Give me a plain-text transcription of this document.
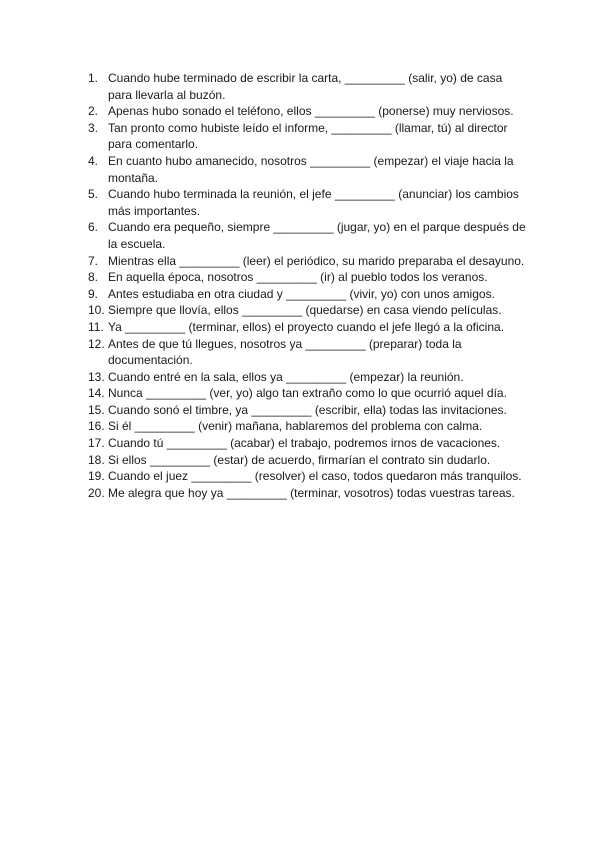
1. Cuando hube terminado de escribir la carta, _________ (salir, yo) de casa para llevarla al buzón.
2. Apenas hubo sonado el teléfono, ellos _________ (ponerse) muy nerviosos.
3. Tan pronto como hubiste leído el informe, _________ (llamar, tú) al director para comentarlo.
4. En cuanto hubo amanecido, nosotros _________ (empezar) el viaje hacia la montaña.
5. Cuando hubo terminada la reunión, el jefe _________ (anunciar) los cambios más importantes.
6. Cuando era pequeño, siempre _________ (jugar, yo) en el parque después de la escuela.
7. Mientras ella _________ (leer) el periódico, su marido preparaba el desayuno.
8. En aquella época, nosotros _________ (ir) al pueblo todos los veranos.
9. Antes estudiaba en otra ciudad y _________ (vivir, yo) con unos amigos.
10. Siempre que llovía, ellos _________ (quedarse) en casa viendo películas.
11. Ya _________ (terminar, ellos) el proyecto cuando el jefe llegó a la oficina.
12. Antes de que tú llegues, nosotros ya _________ (preparar) toda la documentación.
13. Cuando entré en la sala, ellos ya _________ (empezar) la reunión.
14. Nunca _________ (ver, yo) algo tan extraño como lo que ocurrió aquel día.
15. Cuando sonó el timbre, ya _________ (escribir, ella) todas las invitaciones.
16. Si él _________ (venir) mañana, hablaremos del problema con calma.
17. Cuando tú _________ (acabar) el trabajo, podremos irnos de vacaciones.
18. Si ellos _________ (estar) de acuerdo, firmarían el contrato sin dudarlo.
19. Cuando el juez _________ (resolver) el caso, todos quedaron más tranquilos.
20. Me alegra que hoy ya _________ (terminar, vosotros) todas vuestras tareas.
